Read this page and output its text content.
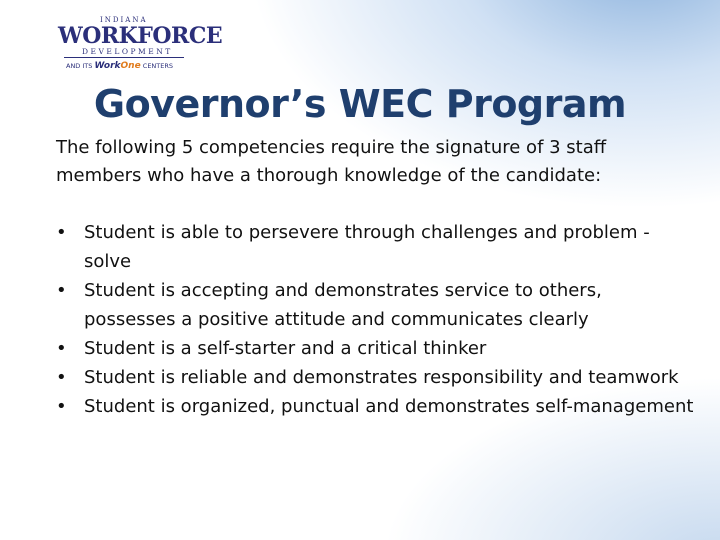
INDIANA
WORKFORCE
DEVELOPMENT
AND ITS WorkOne CENTERS
Governor’s WEC Program
The following 5 competencies require the signature of 3 staff members who have a thorough knowledge of the candidate:
• Student is able to persevere through challenges and problem -solve
• Student is accepting and demonstrates service to others, possesses a positive attitude and communicates clearly
• Student is a self-starter and a critical thinker
• Student is reliable and demonstrates responsibility and teamwork
• Student is organized, punctual and demonstrates self-management
